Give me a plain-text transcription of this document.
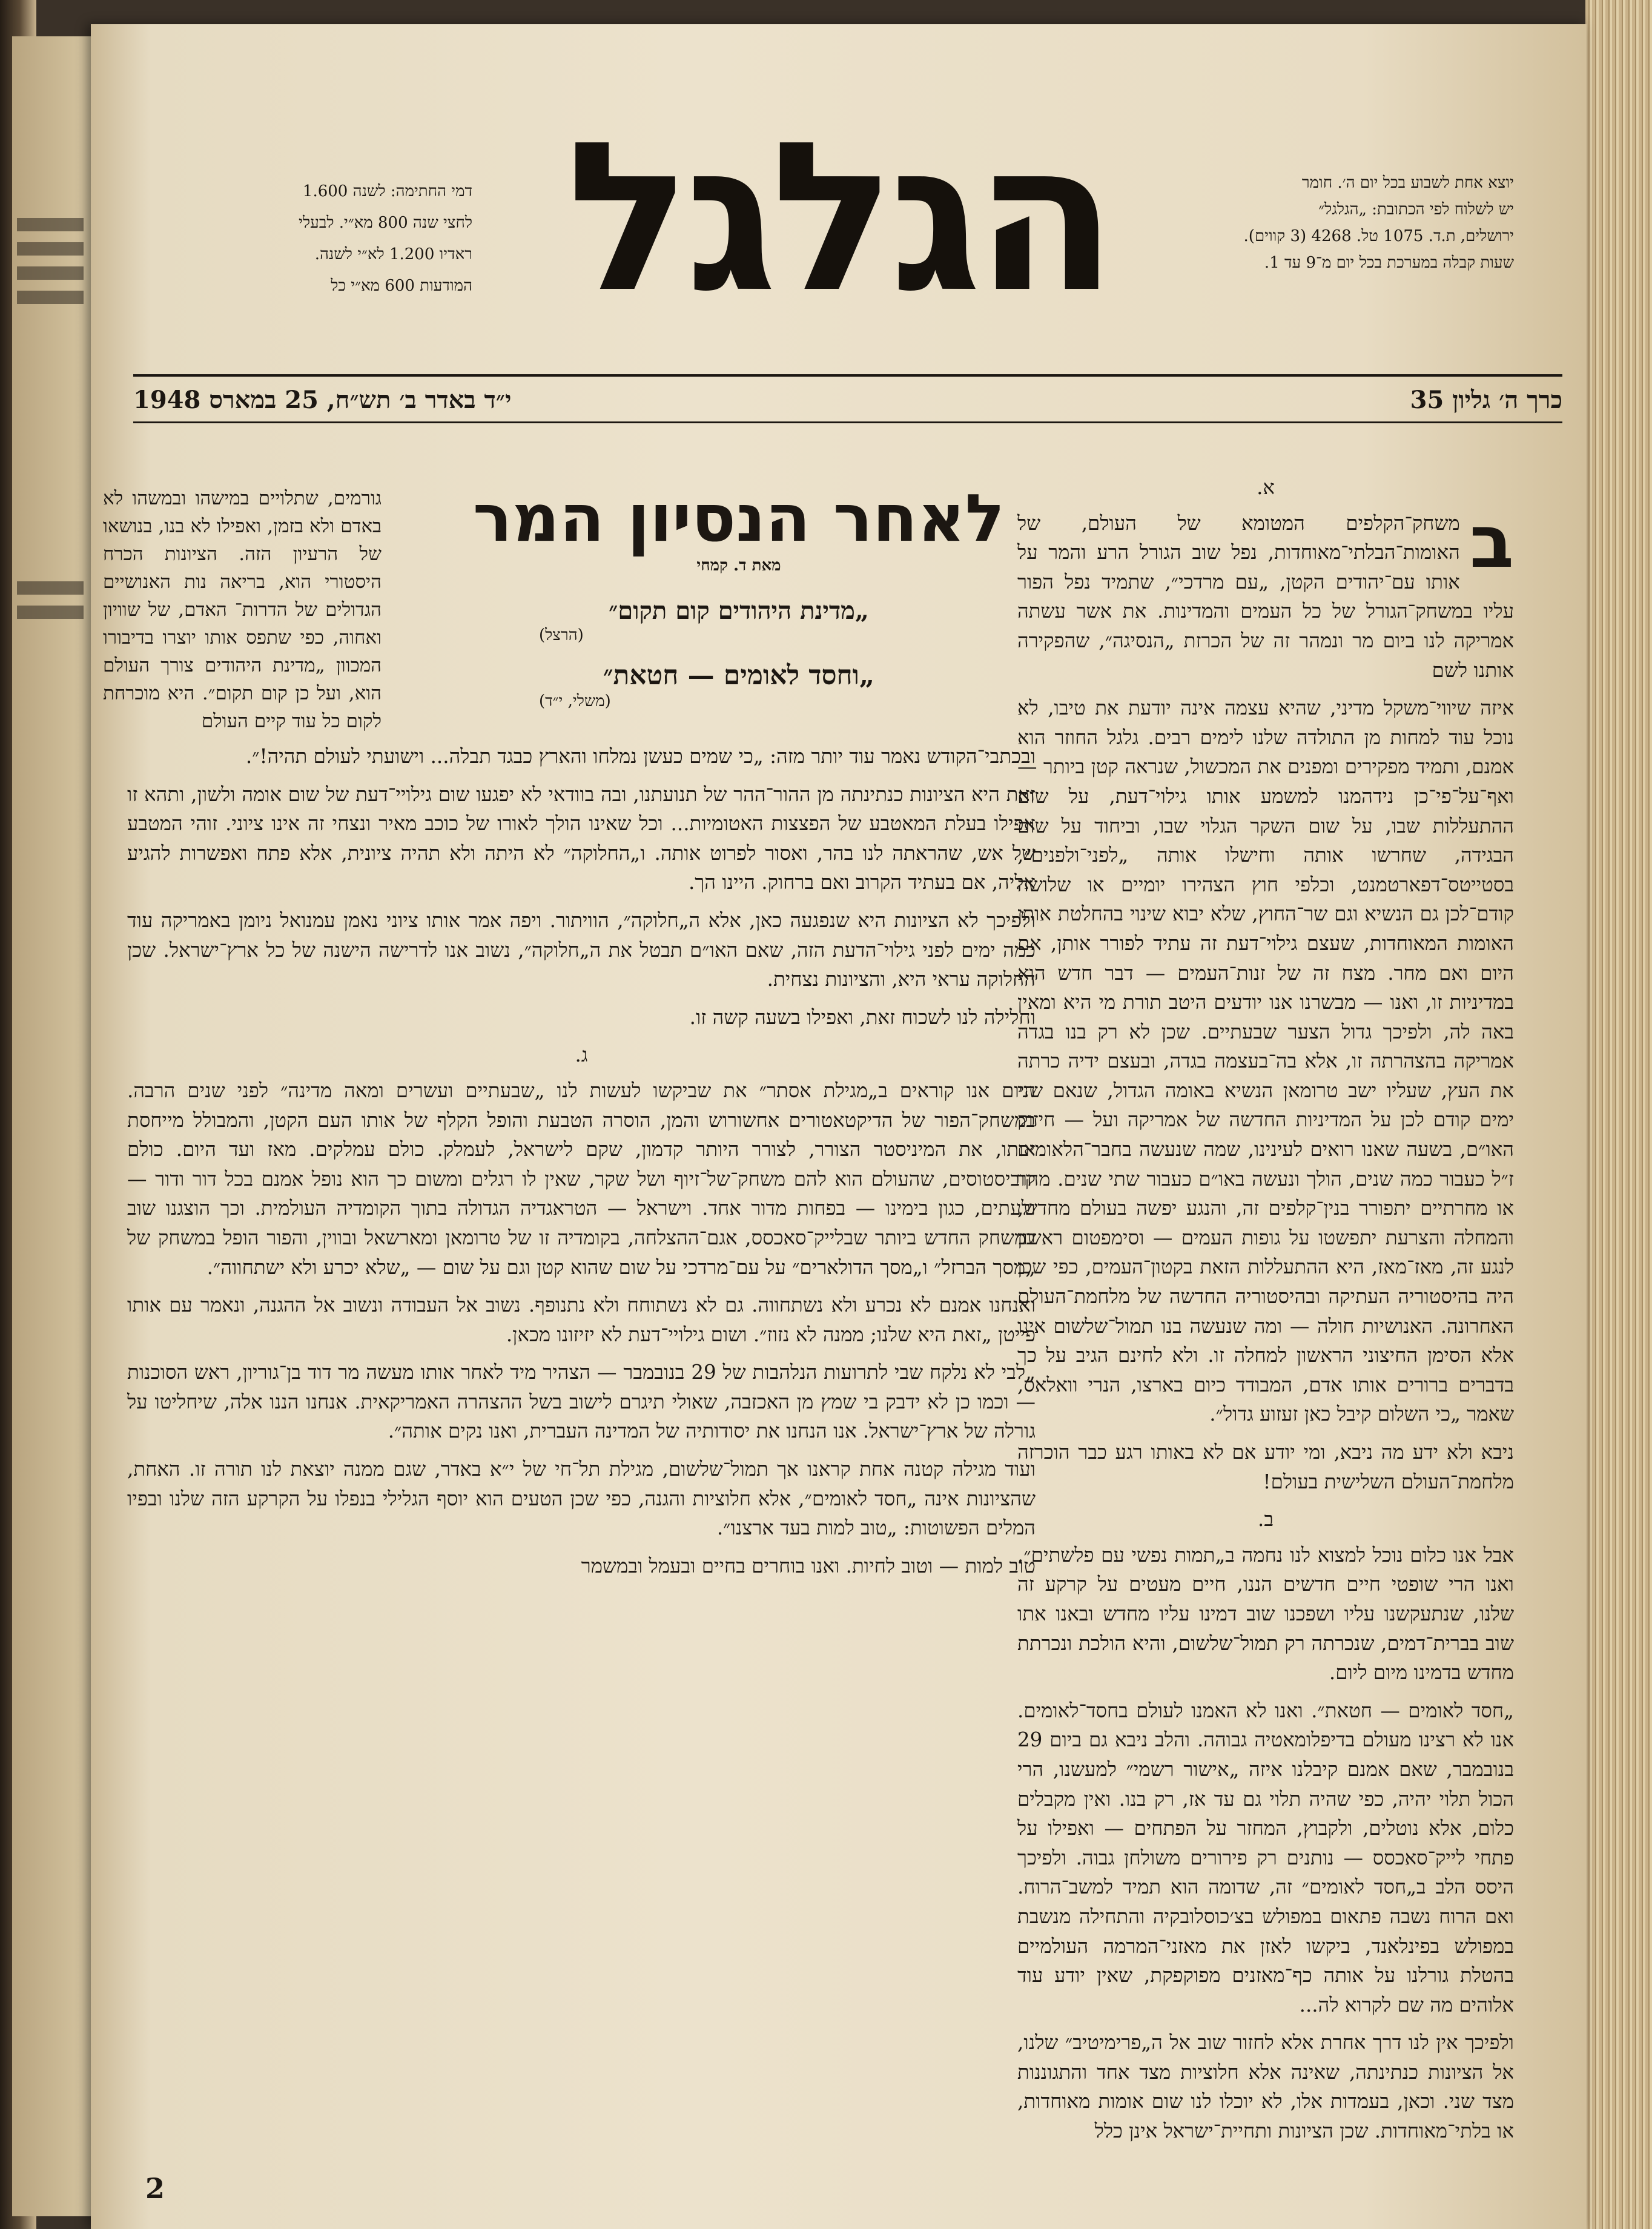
יוצא אחת לשבוע בכל יום ה׳. חומר
יש לשלוח לפי הכתובת: „הגלגל״
ירושלים, ת.ד. 1075 טל. 4268 (3 קווים).
שעות קבלה במערכת בכל יום מ־9 עד 1.
הגלגל
דמי החתימה: לשנה 1.600
לחצי שנה 800 מא״י. לבעלי
ראדיו 1.200 לא״י לשנה.
המודעות 600 מא״י כל
כרך ה׳ גליון 35
י״ד באדר ב׳ תש״ח, 25 במארס 1948
לאחר הנסיון המר
מאת ד. קמחי
„מדינת היהודים קום תקום״
(הרצל)
„וחסד לאומים — חטאת״
(משלי, י״ד)

גורמים, שתלויים במישהו ובמשהו לא באדם ולא בזמן, ואפילו לא בנו, בנושאו של הרעיון הזה. הציונות הכרח היסטורי הוא, בריאה נות האנושיים הגדולים של הדרות־ האדם, של שוויון ואחוה, כפי שתפס אותו יוצרו בדיבורו המכוון „מדינת היהודים צורך העולם הוא, ועל כן קום תקום״. היא מוכרחת לקום כל עוד קיים העולם

א.

ב
משחק־הקלפים המטומא של העולם, של האומות־הבלתי־מאוחדות, נפל שוב הגורל הרע והמר על אותו עם־יהודים הקטן, „עם מרדכי״, שתמיד נפל הפור עליו במשחק־הגורל של כל העמים והמדינות. את אשר עשתה אמריקה לנו ביום מר ונמהר זה של הכרזת „הנסיגה״, שהפקירה אותנו לשם

איזה שיווי־משקל מדיני, שהיא עצמה אינה יודעת את טיבו, לא נוכל עוד למחות מן התולדה שלנו לימים רבים. גלגל החוזר הוא אמנם, ותמיד מפקירים ומפנים את המכשול, שנראה קטן ביותר — ואף־על־פי־כן נידהמנו למשמע אותו גילוי־דעת, על שום ההתעללות שבו, על שום השקר הגלוי שבו, וביחוד על שום הבגידה, שחרשו אותה וחישלו אותה „לפני־ולפנים״, בסטייטס־דפארטמנט, וכלפי חוץ הצהירו יומיים או שלושה קודם־לכן גם הנשיא וגם שר־החוץ, שלא יבוא שינוי בהחלטת אותן האומות המאוחדות, שעצם גילוי־דעת זה עתיד לפורר אותן, אם היום ואם מחר. מצח זה של זנות־העמים — דבר חדש הוא במדיניות זו, ואנו — מבשרנו אנו יודעים היטב תורת מי היא ומאין באה לה, ולפיכך גדול הצער שבעתיים. שכן לא רק בנו בגדה אמריקה בהצהרתה זו, אלא בה־בעצמה בגדה, ובעצם ידיה כרתה את העץ, שעליו ישב טרומאן הנשיא באומה הגדול, שנאם שני ימים קודם לכן על המדיניות החדשה של אמריקה ועל — חיזוק האו״ם, בשעה שאנו רואים לעינינו, שמה שנעשה בחבר־הלאומים ז״ל כעבור כמה שנים, הולך ונעשה באו״ם כעבור שתי שנים. מחר או מחרתיים יתפורר בנין־קלפים זה, והנגע יפשה בעולם מחדש, והמחלה והצרעת יתפשטו על גופות העמים — וסימפטום ראשון לנגע זה, מאז־מאז, היא ההתעללות הזאת בקטון־העמים, כפי שכן היה בהיסטוריה העתיקה ובהיסטוריה החדשה של מלחמת־העולם האחרונה. האנושיות חולה — ומה שנעשה בנו תמול־שלשום אינו אלא הסימן החיצוני הראשון למחלה זו. ולא לחינם הגיב על כך בדברים ברורים אותו אדם, המבודד כיום בארצו, הנרי וואלאס, שאמר „כי השלום קיבל כאן זעזוע גדול״.

ניבא ולא ידע מה ניבא, ומי יודע אם לא באותו רגע כבר הוכרזה מלחמת־העולם השלישית בעולם!

ב.

אבל אנו כלום נוכל למצוא לנו נחמה ב„תמות נפשי עם פלשתים״. ואנו הרי שופטי חיים חדשים הננו, חיים מעטים על קרקע זה שלנו, שנתעקשנו עליו ושפכנו שוב דמינו עליו מחדש ובאנו אתו שוב בברית־דמים, שנכרתה רק תמול־שלשום, והיא הולכת ונכרתת מחדש בדמינו מיום ליום.

„חסד לאומים — חטאת״. ואנו לא האמנו לעולם בחסד־לאומים. אנו לא רצינו מעולם בדיפלומאטיה גבוהה. והלב ניבא גם ביום 29 בנובמבר, שאם אמנם קיבלנו איזה „אישור רשמי״ למעשנו, הרי הכול תלוי יהיה, כפי שהיה תלוי גם עד אז, רק בנו. ואין מקבלים כלום, אלא נוטלים, ולקבוץ, המחזר על הפתחים — ואפילו על פתחי לייק־סאכסס — נותנים רק פירורים משולחן גבוה. ולפיכך היסס הלב ב„חסד לאומים״ זה, שדומה הוא תמיד למשב־הרוח. ואם הרוח נשבה פתאום במפולש בצ׳כוסלובקיה והתחילה מנשבת במפולש בפינלאנד, ביקשו לאזן את מאזני־המרמה העולמיים בהטלת גורלנו על אותה כף־מאזנים מפוקפקת, שאין יודע עוד אלוהים מה שם לקרוא לה...

ולפיכך אין לנו דרך אחרת אלא לחזור שוב אל ה„פרימיטיב״ שלנו, אל הציונות כנתינתה, שאינה אלא חלוציות מצד אחד והתגוננות מצד שני. וכאן, בעמדות אלו, לא יוכלו לנו שום אומות מאוחדות, או בלתי־מאוחדות. שכן הציונות ותחיית־ישראל אינן כלל

ובכתבי־הקודש נאמר עוד יותר מזה: „כי שמים כעשן נמלחו והארץ כבגד תבלה... וישועתי לעולם תהיה!״.

זאת היא הציונות כנתינתה מן ההור־ההר של תנועתנו, ובה בוודאי לא יפגעו שום גילויי־דעת של שום אומה ולשון, ותהא זו אפילו בעלת המאטבע של הפצצות האטומיות... וכל שאינו הולך לאורו של כוכב מאיר ונצחי זה אינו ציוני. זוהי המטבע של אש, שהראתה לנו בהר, ואסור לפרוט אותה. ו„החלוקה״ לא היתה ולא תהיה ציונית, אלא פתח ואפשרות להגיע אליה, אם בעתיד הקרוב ואם ברחוק. היינו הך.

ולפיכך לא הציונות היא שנפגעה כאן, אלא ה„חלוקה״, הוויתור. ויפה אמר אותו ציוני נאמן עמנואל ניומן באמריקה עוד כמה ימים לפני גילוי־הדעת הזה, שאם האו״ם תבטל את ה„חלוקה״, נשוב אנו לדרישה הישנה של כל ארץ־ישראל. שכן החלוקה עראי היא, והציונות נצחית.

וחלילה לנו לשכוח זאת, ואפילו בשעה קשה זו.

ג.

היום אנו קוראים ב„מגילת אסתר״ את שביקשו לעשות לנו „שבעתיים ועשרים ומאה מדינה״ לפני שנים הרבה. במשחק־הפור של הדיקטאטורים אחשורוש והמן, הוסרה הטבעת והופל הקלף של אותו העם הקטן, והמבולל מייחסת אותו, את המיניסטר הצורר, לצורר היותר קדמון, שקם לישראל, לעמלק. כולם עמלקים. מאז ועד היום. כולם קוביסטוסים, שהעולם הוא להם משחק־של־זיוף ושל שקר, שאין לו רגלים ומשום כך הוא נופל אמנם בכל דור ודור — ולעתים, כגון בימינו — בפחות מדור אחד. וישראל — הטראגדיה הגדולה בתוך הקומדיה העולמית. וכך הוצגנו שוב במשחק החדש ביותר שבלייק־סאכסס, אגם־ההצלחה, בקומדיה זו של טרומאן ומארשאל ובווין, והפור הופל במשחק של „מסך הברזל״ ו„מסך הדולארים״ על עם־מרדכי על שום שהוא קטן וגם על שום — „שלא יכרע ולא ישתחווה״.

ואנחנו אמנם לא נכרע ולא נשתחווה. גם לא נשתוחח ולא נתנופף. נשוב אל העבודה ונשוב אל ההגנה, ונאמר עם אותו פייטן „זאת היא שלנו; ממנה לא נזוז״. ושום גילויי־דעת לא יזיזונו מכאן.

„לבי לא נלקח שבי לתרועות הנלהבות של 29 בנובמבר — הצהיר מיד לאחר אותו מעשה מר דוד בן־גוריון, ראש הסוכנות — וכמו כן לא ידבק בי שמץ מן האכזבה, שאולי תיגרם לישוב בשל ההצהרה האמריקאית. אנחנו הננו אלה, שיחליטו על גורלה של ארץ־ישראל. אנו הנחנו את יסודותיה של המדינה העברית, ואנו נקים אותה״.

ועוד מגילה קטנה אחת קראנו אך תמול־שלשום, מגילת תל־חי של י״א באדר, שגם ממנה יוצאת לנו תורה זו. האחת, שהציונות אינה „חסד לאומים״, אלא חלוציות והגנה, כפי שכן הטעים הוא יוסף הגלילי בנפלו על הקרקע הזה שלנו ובפיו המלים הפשוטות: „טוב למות בעד ארצנו״.

טוב למות — וטוב לחיות. ואנו בוחרים בחיים ובעמל ובמשמר

2
